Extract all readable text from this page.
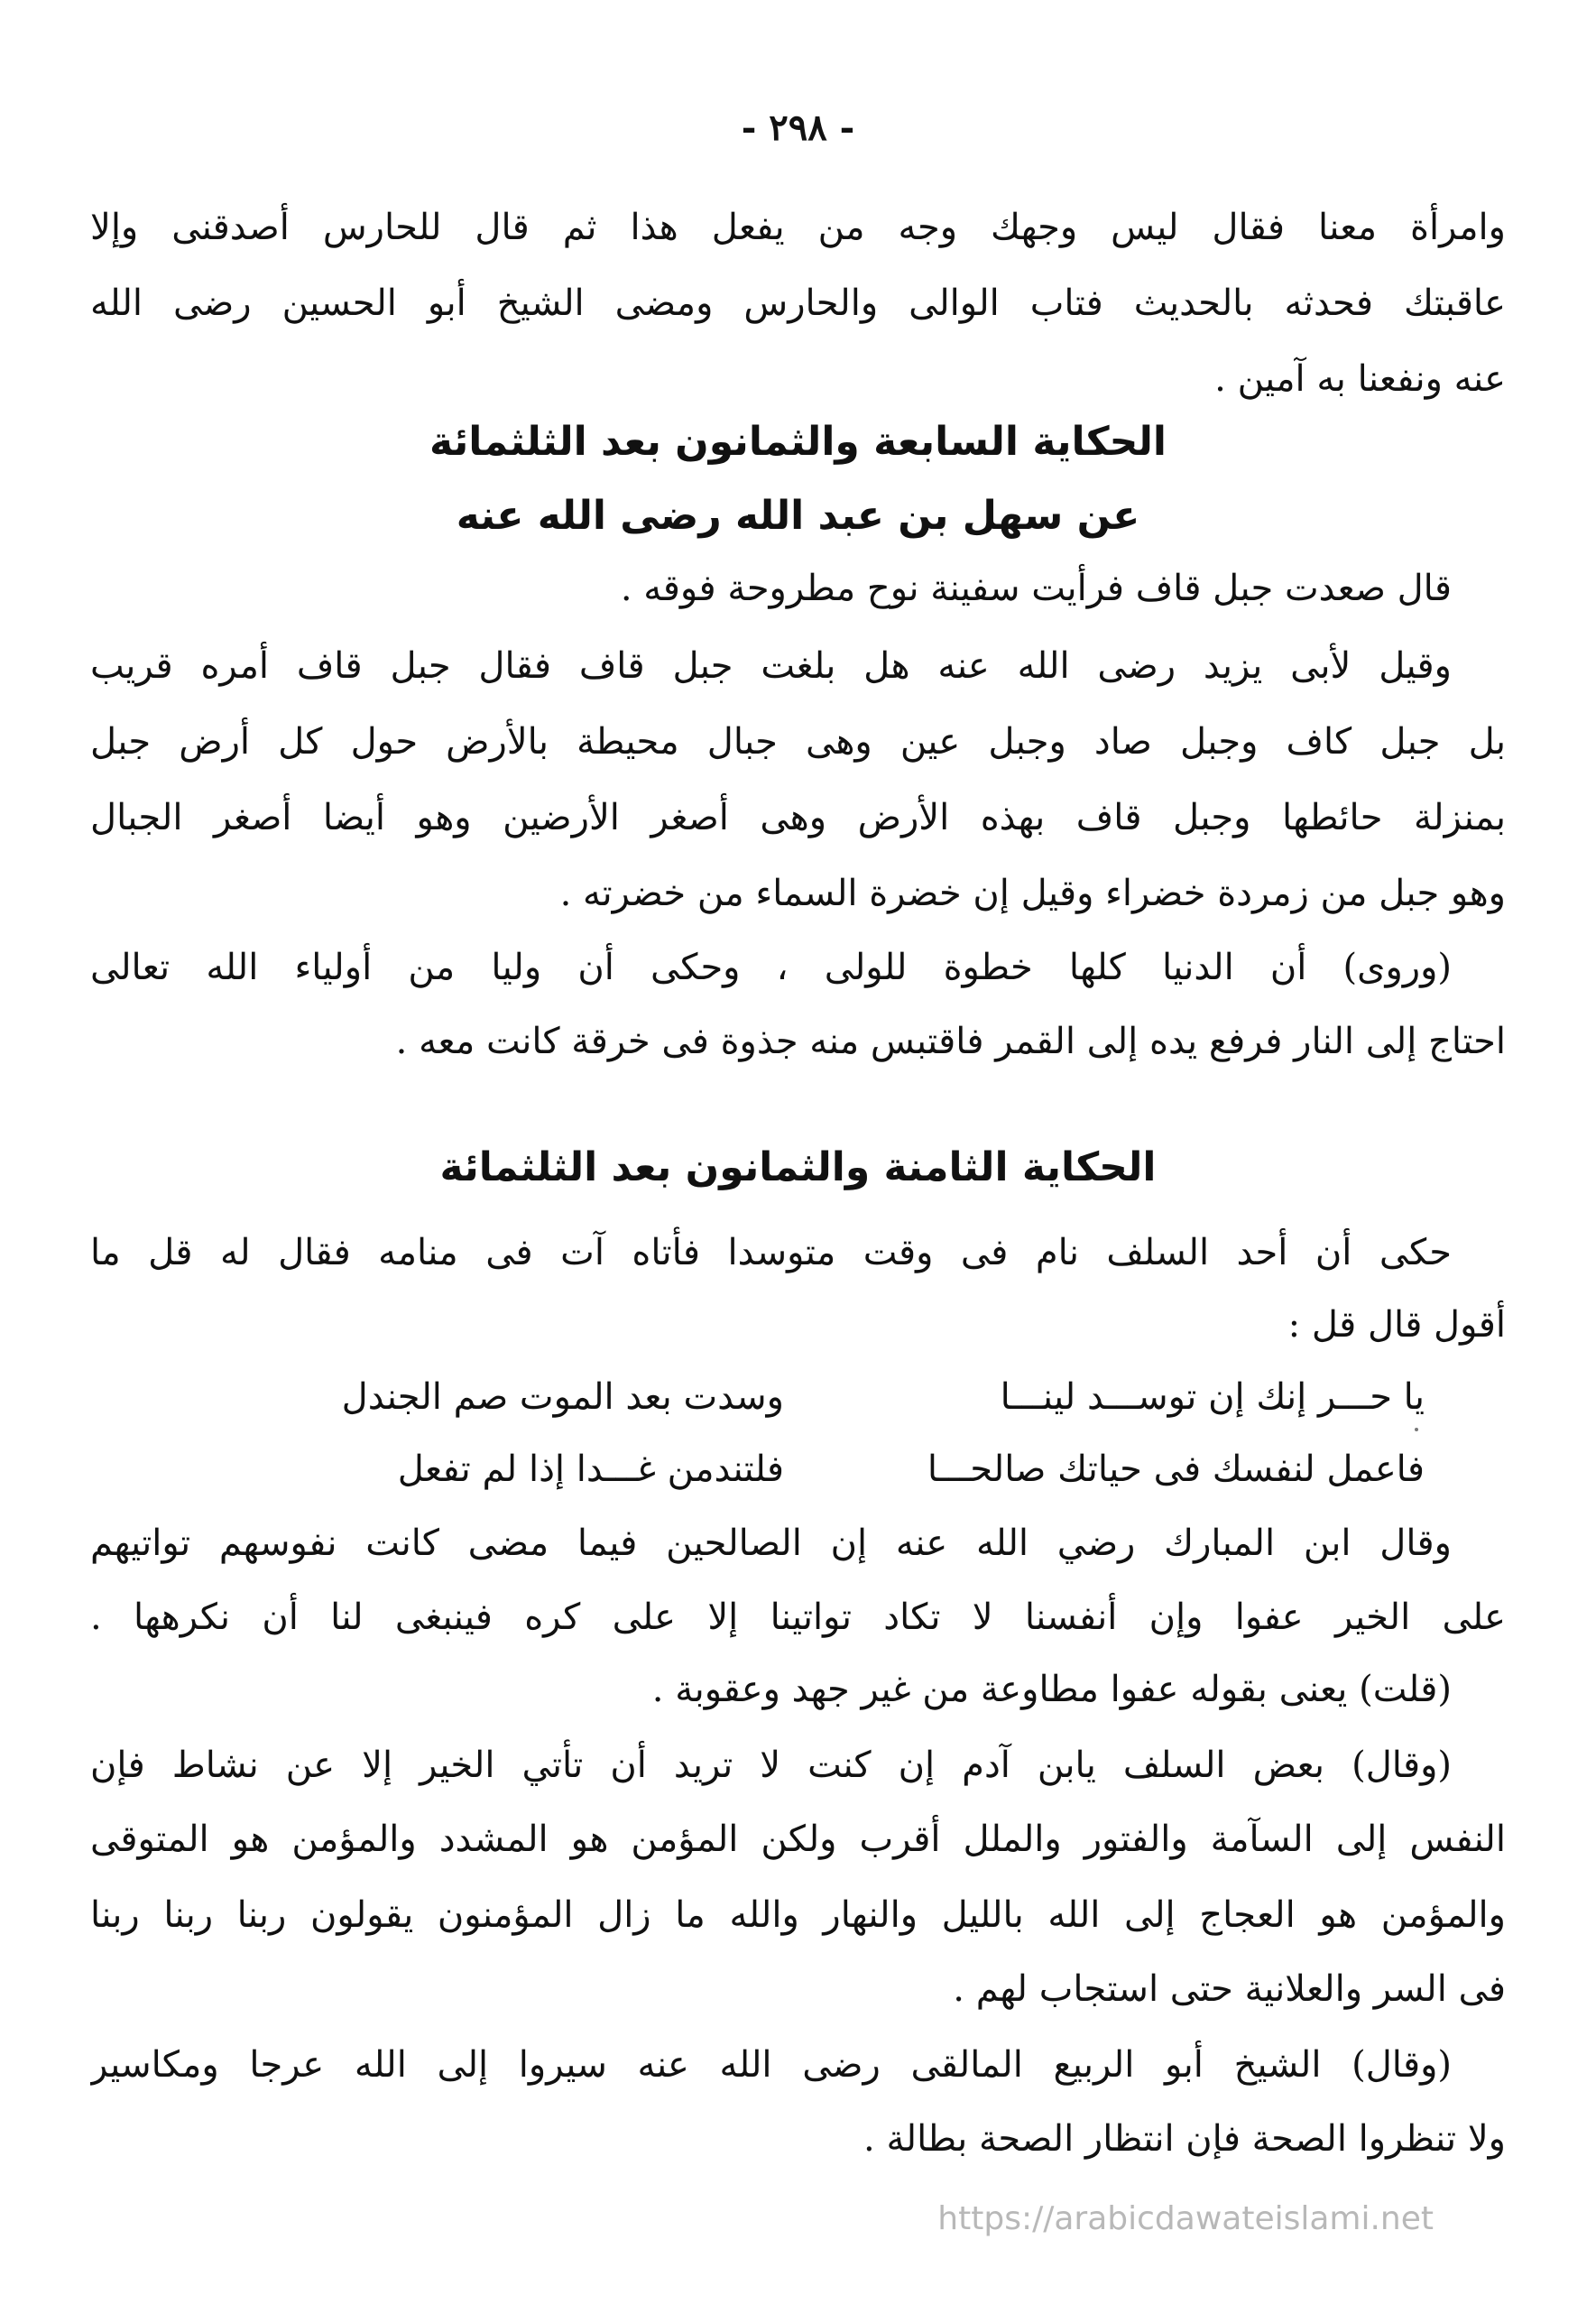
- ٢٩٨ -
وامرأة معنا فقال ليس وجهك وجه من يفعل هذا ثم قال للحارس أصدقنى وإلا
عاقبتك فحدثه بالحديث فتاب الوالى والحارس ومضى الشيخ أبو الحسين رضى الله
عنه ونفعنا به آمين .
الحكاية السابعة والثمانون بعد الثلثمائة
عن سهل بن عبد الله رضى الله عنه
قال صعدت جبل قاف فرأيت سفينة نوح مطروحة فوقه .
وقيل لأبى يزيد رضى الله عنه هل بلغت جبل قاف فقال جبل قاف أمره قريب
بل جبل كاف وجبل صاد وجبل عين وهى جبال محيطة بالأرض حول كل أرض جبل
بمنزلة حائطها وجبل قاف بهذه الأرض وهى أصغر الأرضين وهو أيضا أصغر الجبال
وهو جبل من زمردة خضراء وقيل إن خضرة السماء من خضرته .
(وروى) أن الدنيا كلها خطوة للولى ، وحكى أن وليا من أولياء الله تعالى
احتاج إلى النار فرفع يده إلى القمر فاقتبس منه جذوة فى خرقة كانت معه .
الحكاية الثامنة والثمانون بعد الثلثمائة
حكى أن أحد السلف نام فى وقت متوسدا فأتاه آت فى منامه فقال له قل ما
أقول قال قل :
يا حـــر إنك إن توســـد لينـــا
وسدت بعد الموت صم الجندل
فاعمل لنفسك فى حياتك صالحـــا
فلتندمن غـــدا إذا لم تفعل
وقال ابن المبارك رضي الله عنه إن الصالحين فيما مضى كانت نفوسهم تواتيهم
على الخير عفوا وإن أنفسنا لا تكاد تواتينا إلا على كره فينبغى لنا أن نكرهها .
(قلت) يعنى بقوله عفوا مطاوعة من غير جهد وعقوبة .
(وقال) بعض السلف يابن آدم إن كنت لا تريد أن تأتي الخير إلا عن نشاط فإن
النفس إلى السآمة والفتور والملل أقرب ولكن المؤمن هو المشدد والمؤمن هو المتوقى
والمؤمن هو العجاج إلى الله بالليل والنهار والله ما زال المؤمنون يقولون ربنا ربنا ربنا
فى السر والعلانية حتى استجاب لهم .
(وقال) الشيخ أبو الربيع المالقى رضى الله عنه سيروا إلى الله عرجا ومكاسير
ولا تنظروا الصحة فإن انتظار الصحة بطالة .
https://arabicdawateislami.net
